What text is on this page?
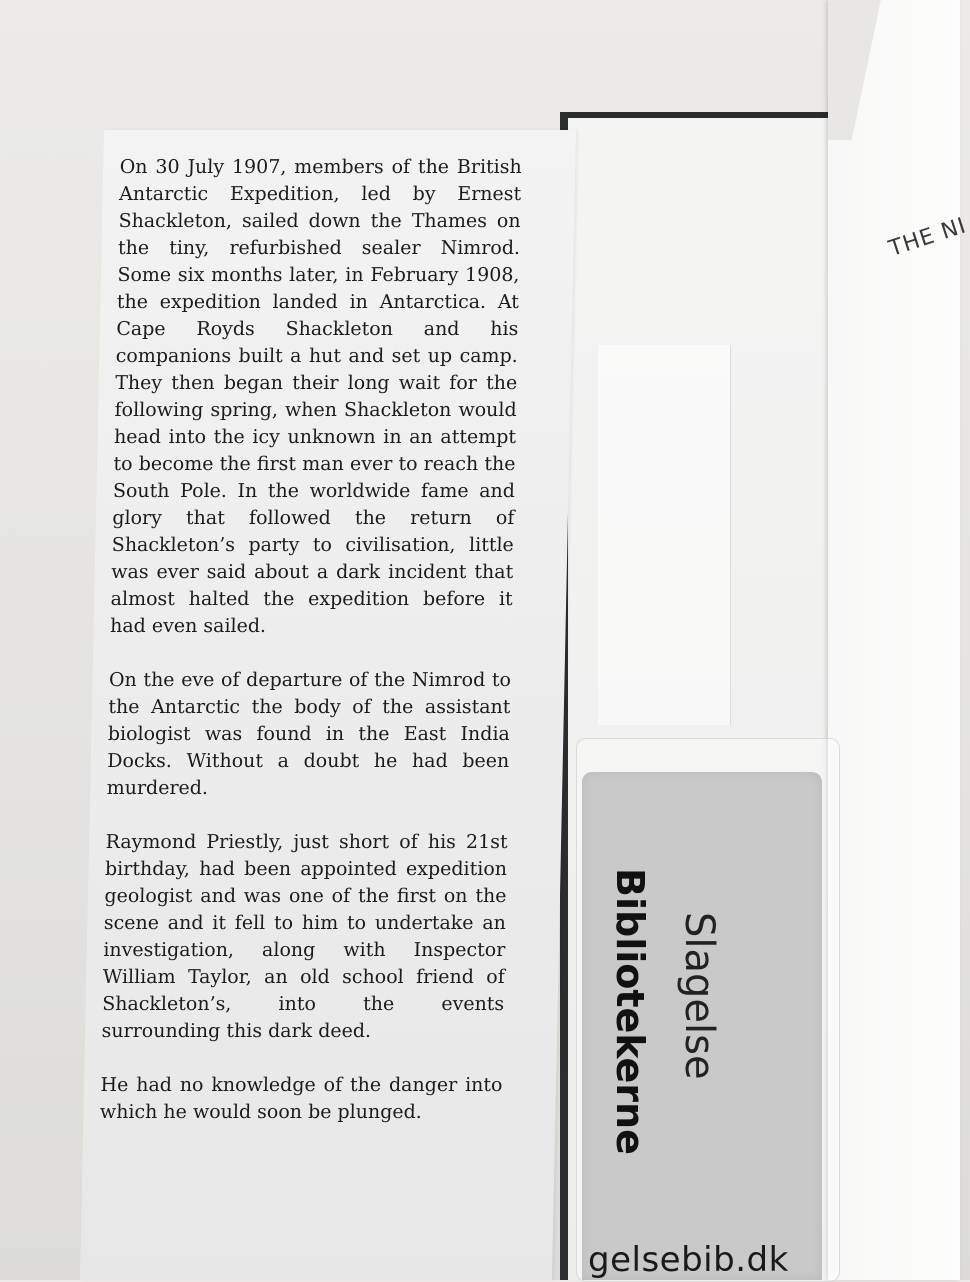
THE NI
Bibliotekerne Slagelse
gelsebib.dk

On 30 July 1907, members of the British Antarctic Expedition, led by Ernest Shackleton, sailed down the Thames on the tiny, refurbished sealer Nimrod. Some six months later, in February 1908, the expedition landed in Antarctica. At Cape Royds Shackleton and his companions built a hut and set up camp. They then began their long wait for the following spring, when Shackleton would head into the icy unknown in an attempt to become the first man ever to reach the South Pole. In the worldwide fame and glory that followed the return of Shackleton’s party to civilisation, little was ever said about a dark incident that almost halted the expedition before it had even sailed.

On the eve of departure of the Nimrod to the Antarctic the body of the assistant biologist was found in the East India Docks. Without a doubt he had been murdered.

Raymond Priestly, just short of his 21st birthday, had been appointed expedition geologist and was one of the first on the scene and it fell to him to undertake an investigation, along with Inspector William Taylor, an old school friend of Shackleton’s, into the events surrounding this dark deed.

He had no knowledge of the danger into which he would soon be plunged.
